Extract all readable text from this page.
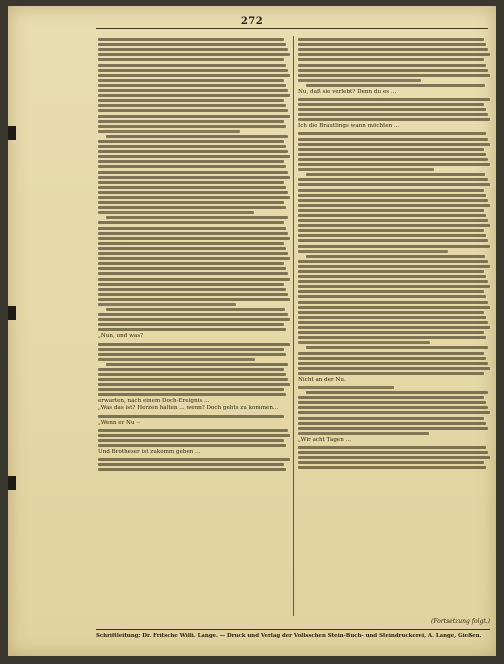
272
„Nun, und was?
erwarten, nach einem Doch-Ereignis ...
„Was das ist? Herzen halten ... wenn? Doch gehts zu kommen...
„Wenn er Nu --
Und Brotheser ist zukomm geben ...
Nu, daß sie verlebt? Denn du es ...
Ich die Brautlings wann möchten ...
Nicht an der Nu.
„Wir acht Tagen ...
(Fortsetzung folgt.)
Schriftleitung: Dr. Fritsche Willi. Lange. — Druck und Verlag der Vollsschen Stein-Buch- und Steindruckerei, A. Lange, Gießen.
